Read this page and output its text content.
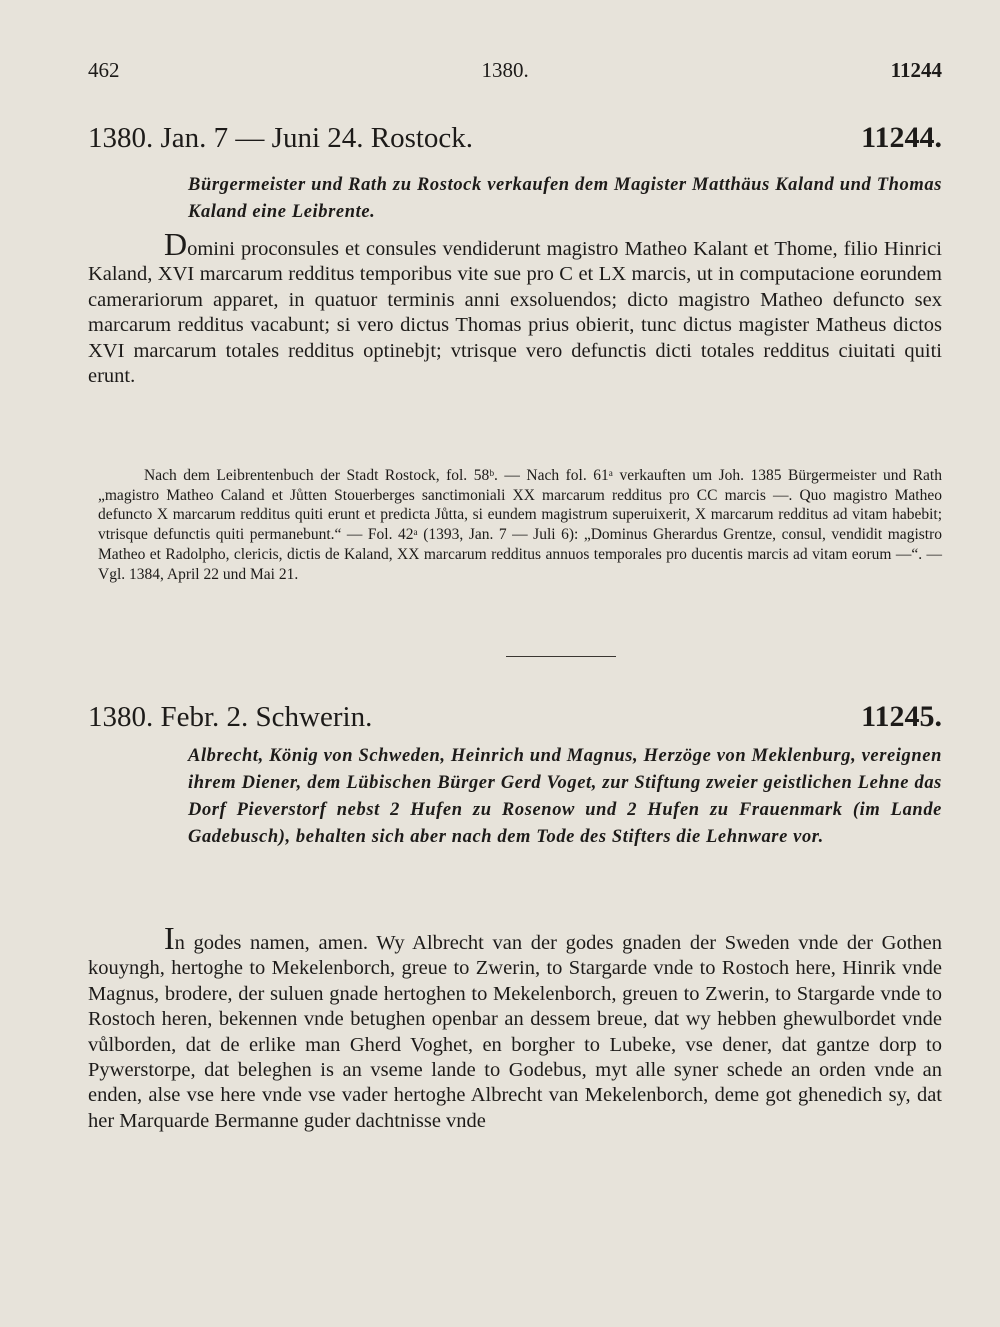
462	1380.	11244
1380. Jan. 7 — Juni 24. Rostock.	11244.
Bürgermeister und Rath zu Rostock verkaufen dem Magister Matthäus Kaland und Thomas Kaland eine Leibrente.
Domini proconsules et consules vendiderunt magistro Matheo Kalant et Thome, filio Hinrici Kaland, XVI marcarum redditus temporibus vite sue pro C et LX marcis, ut in computacione eorundem camerariorum apparet, in quatuor terminis anni exsoluendos; dicto magistro Matheo defuncto sex marcarum redditus vacabunt; si vero dictus Thomas prius obierit, tunc dictus magister Matheus dictos XVI marcarum totales redditus optinebjt; vtrisque vero defunctis dicti totales redditus ciuitati quiti erunt.
Nach dem Leibrentenbuch der Stadt Rostock, fol. 58ᵇ. — Nach fol. 61ᵃ verkauften um Joh. 1385 Bürgermeister und Rath „magistro Matheo Caland et Jůtten Stouerberges sanctimoniali XX marcarum redditus pro CC marcis —. Quo magistro Matheo defuncto X marcarum redditus quiti erunt et predicta Jůtta, si eundem magistrum superuixerit, X marcarum redditus ad vitam habebit; vtrisque defunctis quiti permanebunt.“ — Fol. 42ᵃ (1393, Jan. 7 — Juli 6): „Dominus Gherardus Grentze, consul, vendidit magistro Matheo et Radolpho, clericis, dictis de Kaland, XX marcarum redditus annuos temporales pro ducentis marcis ad vitam eorum —“. — Vgl. 1384, April 22 und Mai 21.
1380. Febr. 2. Schwerin.	11245.
Albrecht, König von Schweden, Heinrich und Magnus, Herzöge von Meklenburg, vereignen ihrem Diener, dem Lübischen Bürger Gerd Voget, zur Stiftung zweier geistlichen Lehne das Dorf Pieverstorf nebst 2 Hufen zu Rosenow und 2 Hufen zu Frauenmark (im Lande Gadebusch), behalten sich aber nach dem Tode des Stifters die Lehnware vor.
In godes namen, amen. Wy Albrecht van der godes gnaden der Sweden vnde der Gothen kouyngh, hertoghe to Mekelenborch, greue to Zwerin, to Stargarde vnde to Rostoch here, Hinrik vnde Magnus, brodere, der suluen gnade hertoghen to Mekelenborch, greuen to Zwerin, to Stargarde vnde to Rostoch heren, bekennen vnde betughen openbar an dessem breue, dat wy hebben ghewulbordet vnde vůlborden, dat de erlike man Gherd Voghet, en borgher to Lubeke, vse dener, dat gantze dorp to Pywerstorpe, dat beleghen is an vseme lande to Godebus, myt alle syner schede an orden vnde an enden, alse vse here vnde vse vader hertoghe Albrecht van Mekelenborch, deme got ghenedich sy, dat her Marquarde Bermanne guder dachtnisse vnde
